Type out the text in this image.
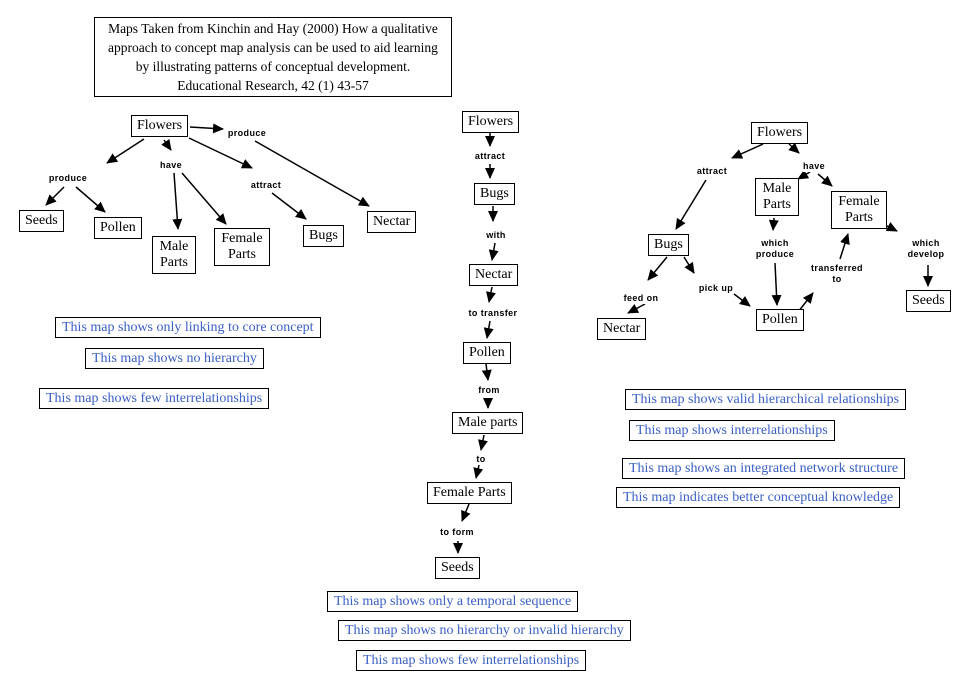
Maps Taken from Kinchin and Hay (2000) How a qualitative
approach to concept map analysis can be used to aid learning
by illustrating patterns of conceptual development.
Educational Research, 42 (1) 43-57
Flowers
Seeds	Pollen
Male Parts
Female Parts
Bugs
Nectar
produce
have
attract
produce
This map shows only linking to core concept
This map shows no hierarchy
This map shows few interrelationships
Flowers
Bugs
Nectar
Pollen
Male parts
Female Parts
Seeds
attract
with
to transfer
from
to
to form
This map shows only a temporal sequence
This map shows no hierarchy or invalid hierarchy
This map shows few interrelationships
Flowers
Male Parts	Female Parts
Bugs
Pollen
Seeds
Nectar
attract	have
which produce
transferred to
which develop
feed on
pick up
This map shows valid hierarchical relationships
This map shows interrelationships
This map shows an integrated network structure
This map indicates better conceptual knowledge
